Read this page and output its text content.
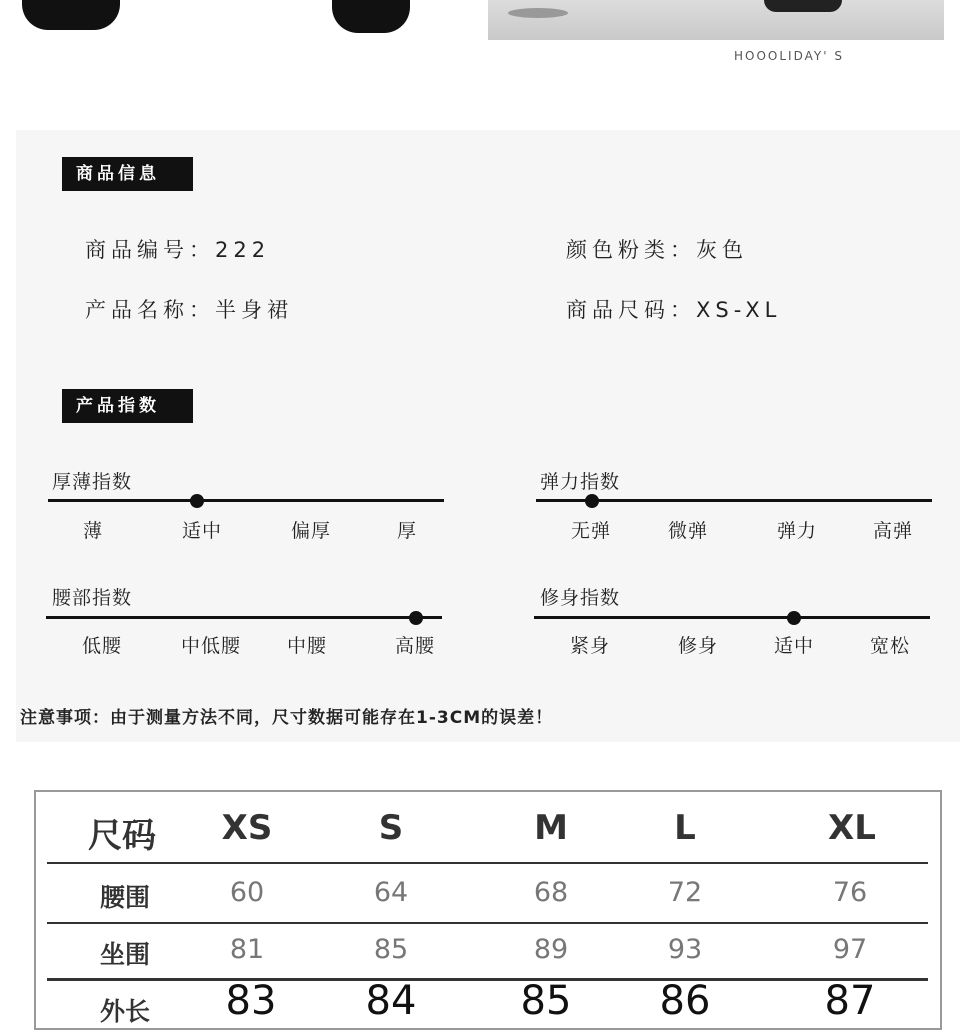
HOOOLIDAY' S
商品信息
商品编号：222	颜色粉类：灰色
产品名称：半身裙	商品尺码：XS-XL
产品指数
厚薄指数
薄	适中	偏厚	厚
弹力指数
无弹	微弹	弹力	高弹
腰部指数
低腰	中低腰	中腰	高腰
修身指数
紧身	修身	适中	宽松
注意事项：由于测量方法不同，尺寸数据可能存在1-3CM的误差！
尺码	XS	S	M	L	XL
腰围	60	64	68	72	76
坐围	81	85	89	93	97
外长	83	84	85	86	87
